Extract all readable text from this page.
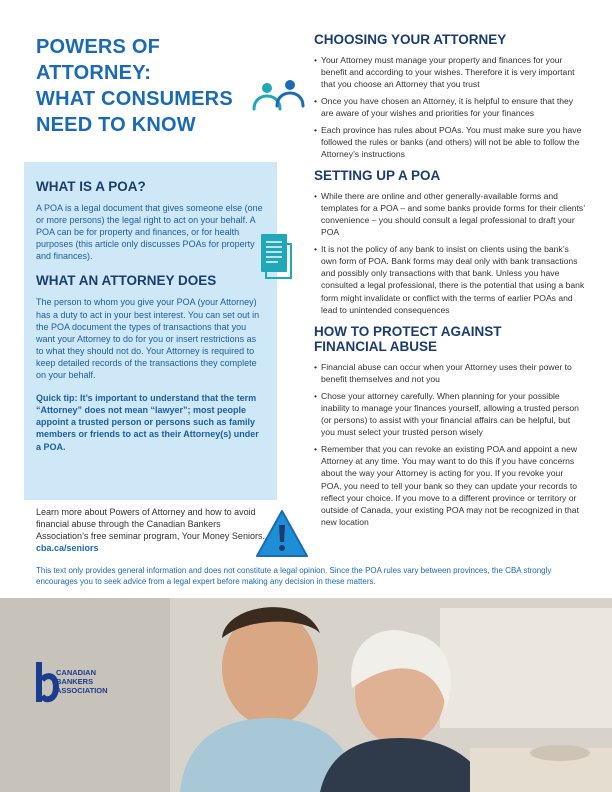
POWERS OF
ATTORNEY:
WHAT CONSUMERS
NEED TO KNOW
WHAT IS A POA?

A POA is a legal document that gives someone else (one or more persons) the legal right to act on your behalf. A POA can be for property and finances, or for health purposes (this article only discusses POAs for property and finances).

WHAT AN ATTORNEY DOES

The person to whom you give your POA (your Attorney) has a duty to act in your best interest. You can set out in the POA document the types of transactions that you want your Attorney to do for you or insert restrictions as to what they should not do. Your Attorney is required to keep detailed records of the transactions they complete on your behalf.

Quick tip: It’s important to understand that the term “Attorney” does not mean “lawyer”; most people appoint a trusted person or persons such as family members or friends to act as their Attorney(s) under a POA.

Learn more about Powers of Attorney and how to avoid financial abuse through the Canadian Bankers Association’s free seminar program, Your Money Seniors. cba.ca/seniors
CHOOSING YOUR ATTORNEY
• Your Attorney must manage your property and finances for your benefit and according to your wishes. Therefore it is very important that you choose an Attorney that you trust
• Once you have chosen an Attorney, it is helpful to ensure that they are aware of your wishes and priorities for your finances
• Each province has rules about POAs. You must make sure you have followed the rules or banks (and others) will not be able to follow the Attorney’s instructions
SETTING UP A POA
• While there are online and other generally-available forms and templates for a POA – and some banks provide forms for their clients’ convenience – you should consult a legal professional to draft your POA
• It is not the policy of any bank to insist on clients using the bank’s own form of POA. Bank forms may deal only with bank transactions and possibly only transactions with that bank. Unless you have consulted a legal professional, there is the potential that using a bank form might invalidate or conflict with the terms of earlier POAs and lead to unintended consequences
HOW TO PROTECT AGAINST
FINANCIAL ABUSE
• Financial abuse can occur when your Attorney uses their power to benefit themselves and not you
• Chose your attorney carefully. When planning for your possible inability to manage your finances yourself, allowing a trusted person (or persons) to assist with your financial affairs can be helpful, but you must select your trusted person wisely
• Remember that you can revoke an existing POA and appoint a new Attorney at any time. You may want to do this if you have concerns about the way your Attorney is acting for you. If you revoke your POA, you need to tell your bank so they can update your records to reflect your choice. If you move to a different province or territory or outside of Canada, your existing POA may not be recognized in that new location
This text only provides general information and does not constitute a legal opinion. Since the POA rules vary between provinces, the CBA strongly encourages you to seek advice from a legal expert before making any decision in these matters.
CANADIAN
BANKERS
ASSOCIATION
